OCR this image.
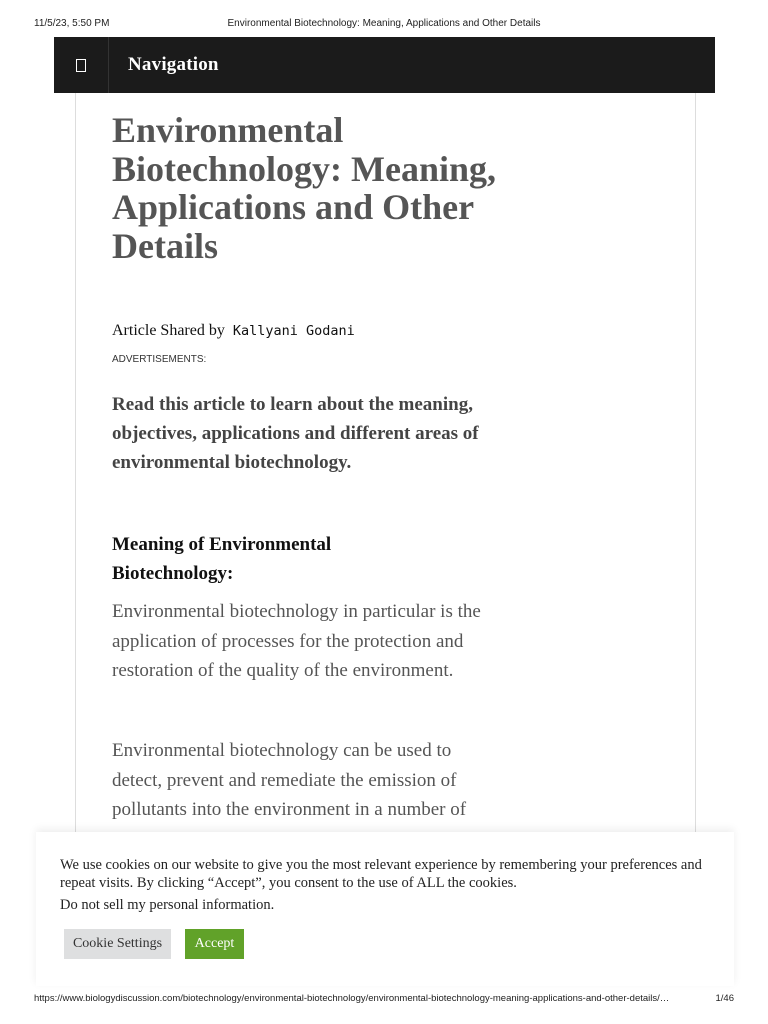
11/5/23, 5:50 PM	Environmental Biotechnology: Meaning, Applications and Other Details
Navigation
Environmental Biotechnology: Meaning, Applications and Other Details
Article Shared by Kallyani Godani
ADVERTISEMENTS:

Read this article to learn about the meaning, objectives, applications and different areas of environmental biotechnology.

Meaning of Environmental Biotechnology:

Environmental biotechnology in particular is the application of processes for the protection and restoration of the quality of the environment.

Environmental biotechnology can be used to detect, prevent and remediate the emission of pollutants into the environment in a number of

We use cookies on our website to give you the most relevant experience by remembering your preferences and repeat visits. By clicking “Accept”, you consent to the use of ALL the cookies.

Do not sell my personal information.

Cookie Settings	Accept
https://www.biologydiscussion.com/biotechnology/environmental-biotechnology/environmental-biotechnology-meaning-applications-and-other-details/…	1/46
